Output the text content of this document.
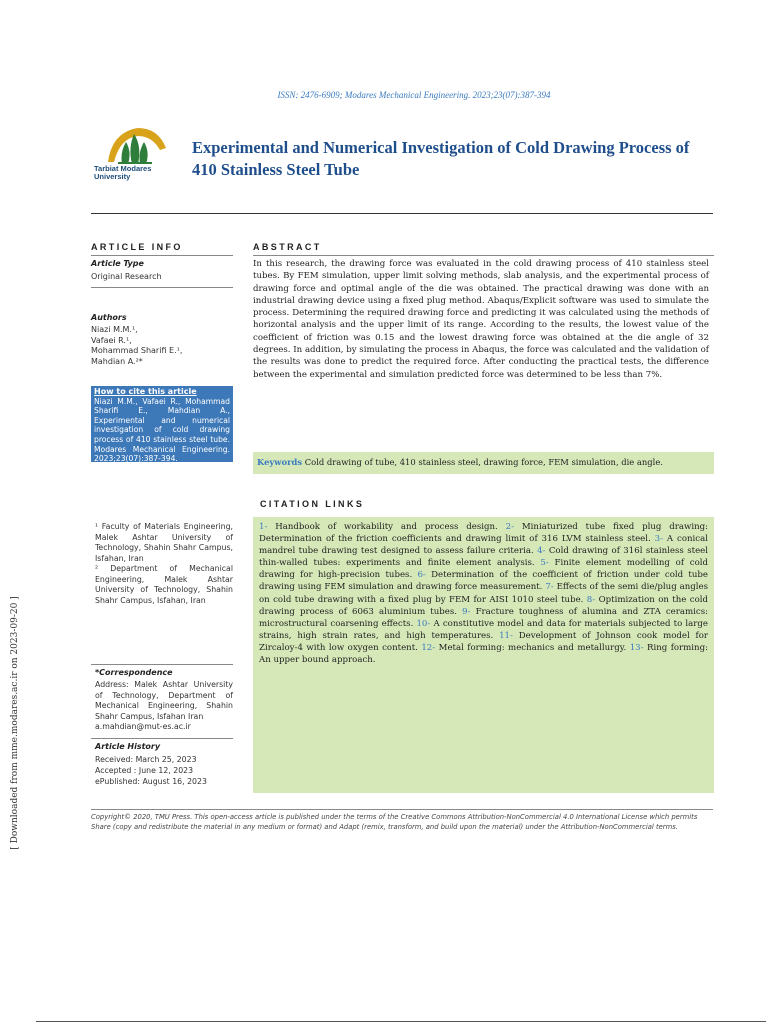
ISSN: 2476-6909; Modares Mechanical Engineering. 2023;23(07):387-394
Tarbiat Modares University
Experimental and Numerical Investigation of Cold Drawing Process of 410 Stainless Steel Tube
ARTICLE INFO
Article Type
Original Research
Authors
Niazi M.M.¹,
Vafaei R.¹,
Mohammad Sharifi E.¹,
Mahdian A.²*
How to cite this article
Niazi M.M., Vafaei R., Mohammad Sharifi E., Mahdian A., Experimental and numerical investigation of cold drawing process of 410 stainless steel tube. Modares Mechanical Engineering. 2023;23(07):387-394.
¹ Faculty of Materials Engineering, Malek Ashtar University of Technology, Shahin Shahr Campus, Isfahan, Iran
² Department of Mechanical Engineering, Malek Ashtar University of Technology, Shahin Shahr Campus, Isfahan, Iran
*Correspondence
Address: Malek Ashtar University of Technology, Department of Mechanical Engineering, Shahin Shahr Campus, Isfahan Iran
a.mahdian@mut-es.ac.ir
Article History
Received: March 25, 2023
Accepted : June 12, 2023
ePublished: August 16, 2023
ABSTRACT
In this research, the drawing force was evaluated in the cold drawing process of 410 stainless steel tubes. By FEM simulation, upper limit solving methods, slab analysis, and the experimental process of drawing force and optimal angle of the die was obtained. The practical drawing was done with an industrial drawing device using a fixed plug method. Abaqus/Explicit software was used to simulate the process. Determining the required drawing force and predicting it was calculated using the methods of horizontal analysis and the upper limit of its range. According to the results, the lowest value of the coefficient of friction was 0.15 and the lowest drawing force was obtained at the die angle of 32 degrees. In addition, by simulating the process in Abaqus, the force was calculated and the validation of the results was done to predict the required force. After conducting the practical tests, the difference between the experimental and simulation predicted force was determined to be less than 7%.
Keywords Cold drawing of tube, 410 stainless steel, drawing force, FEM simulation, die angle.
CITATION LINKS
1- Handbook of workability and process design. 2- Miniaturized tube fixed plug drawing: Determination of the friction coefficients and drawing limit of 316 LVM stainless steel. 3- A conical mandrel tube drawing test designed to assess failure criteria. 4- Cold drawing of 316l stainless steel thin-walled tubes: experiments and finite element analysis. 5- Finite element modelling of cold drawing for high-precision tubes. 6- Determination of the coefficient of friction under cold tube drawing using FEM simulation and drawing force measurement. 7- Effects of the semi die/plug angles on cold tube drawing with a fixed plug by FEM for AISI 1010 steel tube. 8- Optimization on the cold drawing process of 6063 aluminium tubes. 9- Fracture toughness of alumina and ZTA ceramics: microstructural coarsening effects. 10- A constitutive model and data for materials subjected to large strains, high strain rates, and high temperatures. 11- Development of Johnson cook model for Zircaloy-4 with low oxygen content. 12- Metal forming: mechanics and metallurgy. 13- Ring forming: An upper bound approach.
Copyright© 2020, TMU Press. This open-access article is published under the terms of the Creative Commons Attribution-NonCommercial 4.0 International License which permits Share (copy and redistribute the material in any medium or format) and Adapt (remix, transform, and build upon the material) under the Attribution-NonCommercial terms.
[ Downloaded from mme.modares.ac.ir on 2023-09-20 ]
